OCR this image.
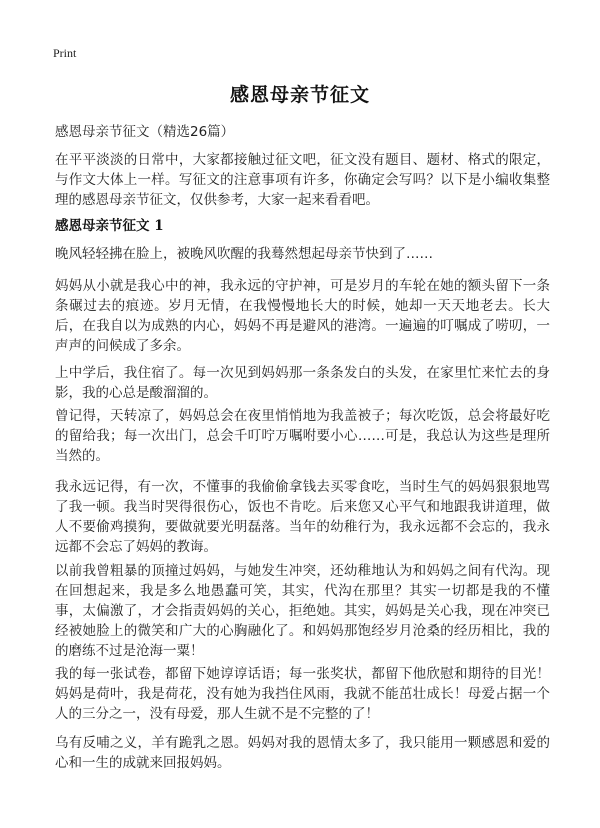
Print
感恩母亲节征文
感恩母亲节征文（精选26篇）

在平平淡淡的日常中，大家都接触过征文吧，征文没有题目、题材、格式的限定，与作文大体上一样。写征文的注意事项有许多，你确定会写吗？以下是小编收集整理的感恩母亲节征文，仅供参考，大家一起来看看吧。

感恩母亲节征文 1

晚风轻轻拂在脸上，被晚风吹醒的我蓦然想起母亲节快到了……

妈妈从小就是我心中的神，我永远的守护神，可是岁月的车轮在她的额头留下一条条碾过去的痕迹。岁月无情，在我慢慢地长大的时候，她却一天天地老去。长大后，在我自以为成熟的内心，妈妈不再是避风的港湾。一遍遍的叮嘱成了唠叨，一声声的问候成了多余。

上中学后，我住宿了。每一次见到妈妈那一条条发白的头发，在家里忙来忙去的身影，我的心总是酸溜溜的。

曾记得，天转凉了，妈妈总会在夜里悄悄地为我盖被子；每次吃饭，总会将最好吃的留给我；每一次出门，总会千叮咛万嘱咐要小心……可是，我总认为这些是理所当然的。

我永远记得，有一次，不懂事的我偷偷拿钱去买零食吃，当时生气的妈妈狠狠地骂了我一顿。我当时哭得很伤心，饭也不肯吃。后来您又心平气和地跟我讲道理，做人不要偷鸡摸狗，要做就要光明磊落。当年的幼稚行为，我永远都不会忘的，我永远都不会忘了妈妈的教诲。

以前我曾粗暴的顶撞过妈妈，与她发生冲突，还幼稚地认为和妈妈之间有代沟。现在回想起来，我是多么地愚蠢可笑，其实，代沟在那里？其实一切都是我的不懂事，太偏激了，才会指责妈妈的关心，拒绝她。其实，妈妈是关心我，现在冲突已经被她脸上的微笑和广大的心胸融化了。和妈妈那饱经岁月沧桑的经历相比，我的的磨练不过是沧海一粟！

我的每一张试卷，都留下她谆谆话语；每一张奖状，都留下他欣慰和期待的目光！妈妈是荷叶，我是荷花，没有她为我挡住风雨，我就不能茁壮成长！母爱占据一个人的三分之一，没有母爱，那人生就不是不完整的了！

乌有反哺之义，羊有跪乳之恩。妈妈对我的恩情太多了，我只能用一颗感恩和爱的心和一生的成就来回报妈妈。
